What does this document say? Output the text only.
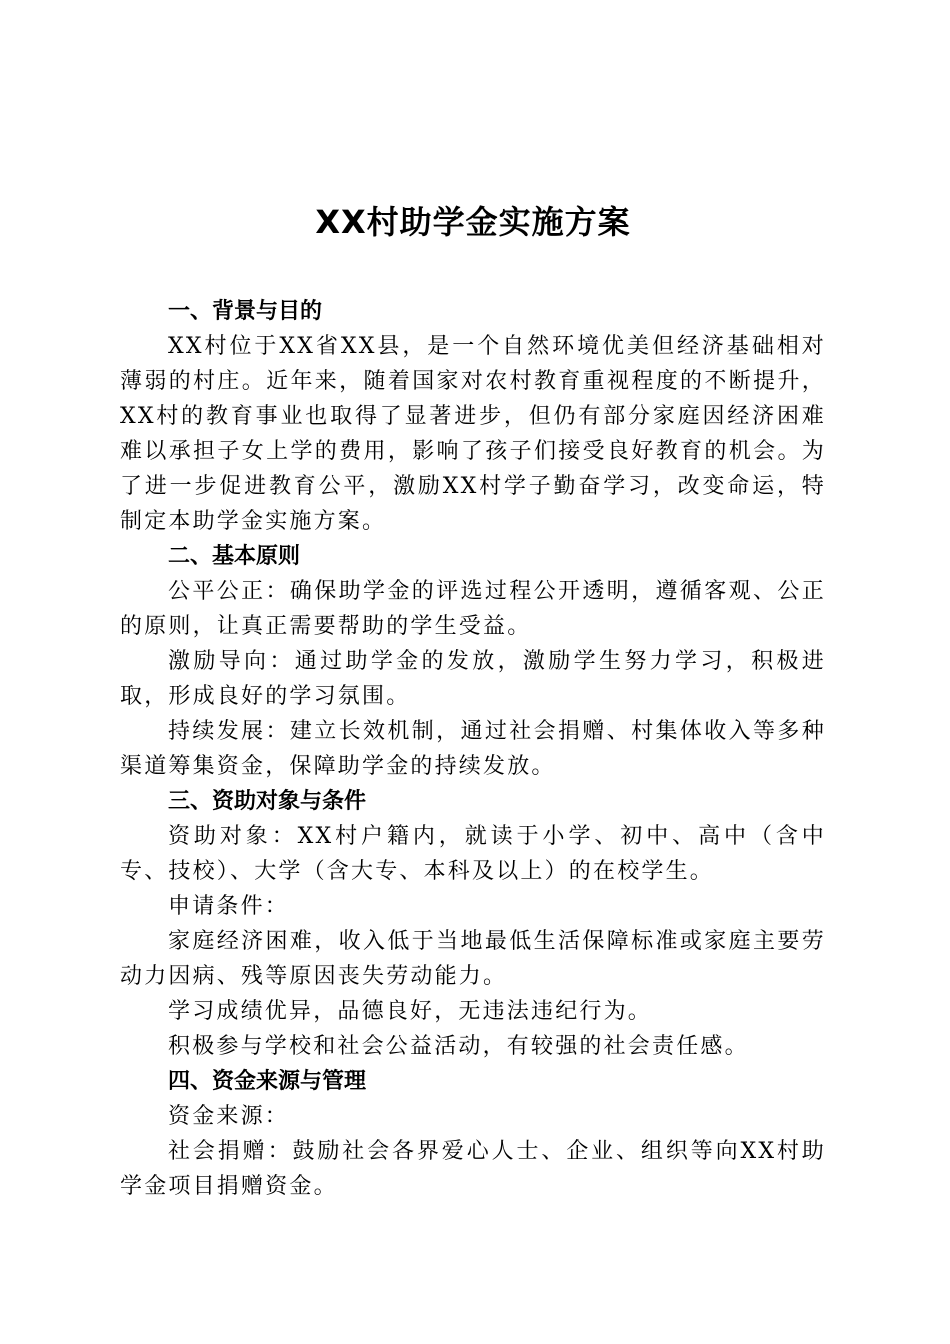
XX村助学金实施方案

一、背景与目的

XX村位于XX省XX县，是一个自然环境优美但经济基础相对薄弱的村庄。近年来，随着国家对农村教育重视程度的不断提升，XX村的教育事业也取得了显著进步，但仍有部分家庭因经济困难难以承担子女上学的费用，影响了孩子们接受良好教育的机会。为了进一步促进教育公平，激励XX村学子勤奋学习，改变命运，特制定本助学金实施方案。

二、基本原则

公平公正：确保助学金的评选过程公开透明，遵循客观、公正的原则，让真正需要帮助的学生受益。

激励导向：通过助学金的发放，激励学生努力学习，积极进取，形成良好的学习氛围。

持续发展：建立长效机制，通过社会捐赠、村集体收入等多种渠道筹集资金，保障助学金的持续发放。

三、资助对象与条件

资助对象：XX村户籍内，就读于小学、初中、高中（含中专、技校）、大学（含大专、本科及以上）的在校学生。

申请条件：

家庭经济困难，收入低于当地最低生活保障标准或家庭主要劳动力因病、残等原因丧失劳动能力。

学习成绩优异，品德良好，无违法违纪行为。

积极参与学校和社会公益活动，有较强的社会责任感。

四、资金来源与管理

资金来源：

社会捐赠：鼓励社会各界爱心人士、企业、组织等向XX村助学金项目捐赠资金。
